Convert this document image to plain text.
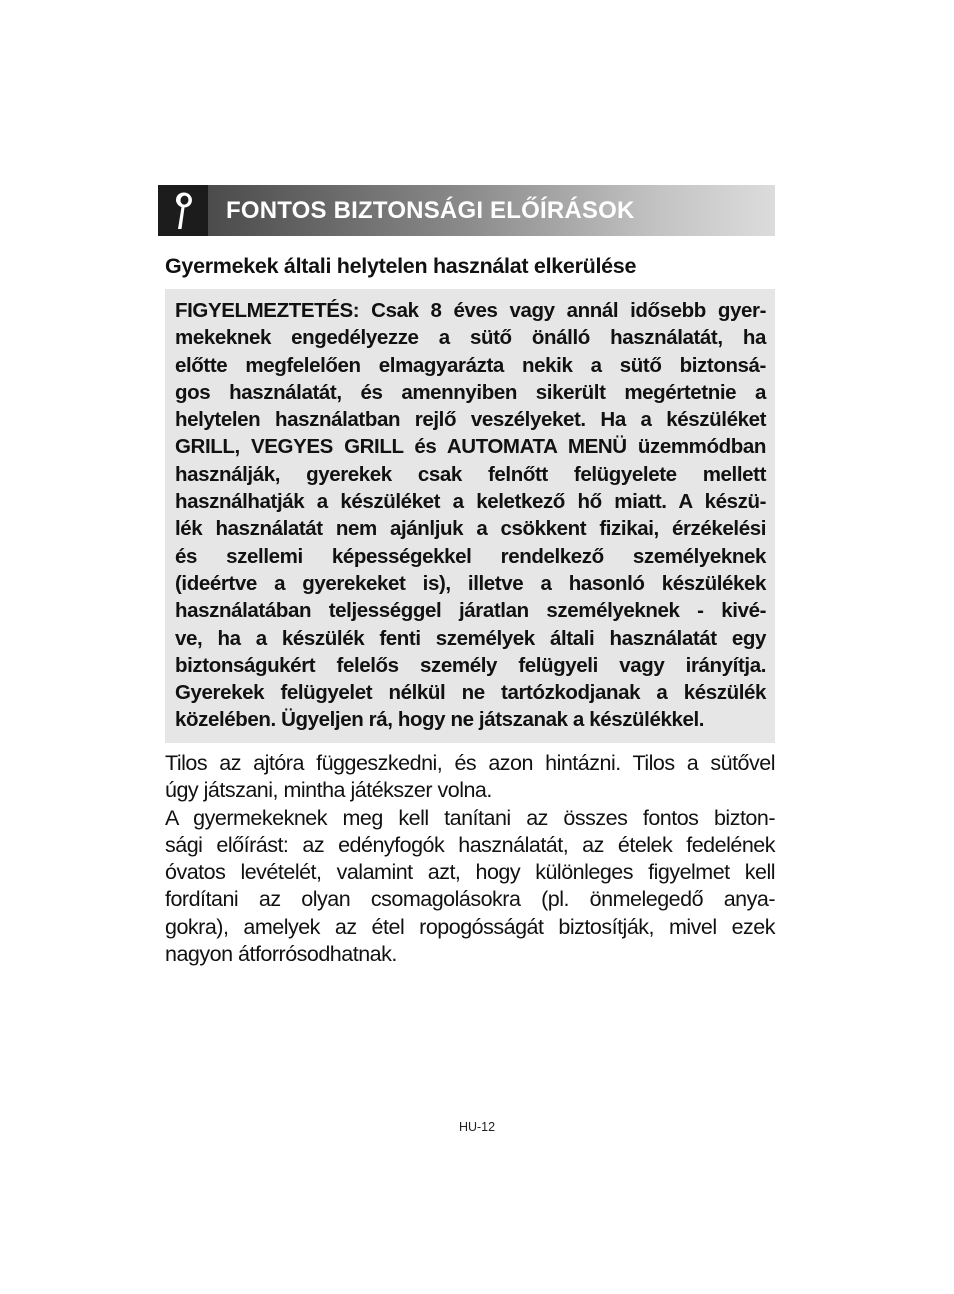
FONTOS BIZTONSÁGI ELŐÍRÁSOK
Gyermekek általi helytelen használat elkerülése
FIGYELMEZTETÉS: Csak 8 éves vagy annál idősebb gyer-
mekeknek engedélyezze a sütő önálló használatát, ha
előtte megfelelően elmagyarázta nekik a sütő biztonsá-
gos használatát, és amennyiben sikerült megértetnie a
helytelen használatban rejlő veszélyeket. Ha a készüléket
GRILL, VEGYES GRILL és AUTOMATA MENÜ üzemmódban
használják, gyerekek csak felnőtt felügyelete mellett
használhatják a készüléket a keletkező hő miatt. A készü-
lék használatát nem ajánljuk a csökkent fizikai, érzékelési
és szellemi képességekkel rendelkező személyeknek
(ideértve a gyerekeket is), illetve a hasonló készülékek
használatában teljességgel járatlan személyeknek - kivé-
ve, ha a készülék fenti személyek általi használatát egy
biztonságukért felelős személy felügyeli vagy irányítja.
Gyerekek felügyelet nélkül ne tartózkodjanak a készülék
közelében. Ügyeljen rá, hogy ne játszanak a készülékkel.
Tilos az ajtóra függeszkedni, és azon hintázni. Tilos a sütővel
úgy játszani, mintha játékszer volna.
A gyermekeknek meg kell tanítani az összes fontos bizton-
sági előírást: az edényfogók használatát, az ételek fedelének
óvatos levételét, valamint azt, hogy különleges figyelmet kell
fordítani az olyan csomagolásokra (pl. önmelegedő anya-
gokra), amelyek az étel ropogósságát biztosítják, mivel ezek
nagyon átforrósodhatnak.
HU-12
